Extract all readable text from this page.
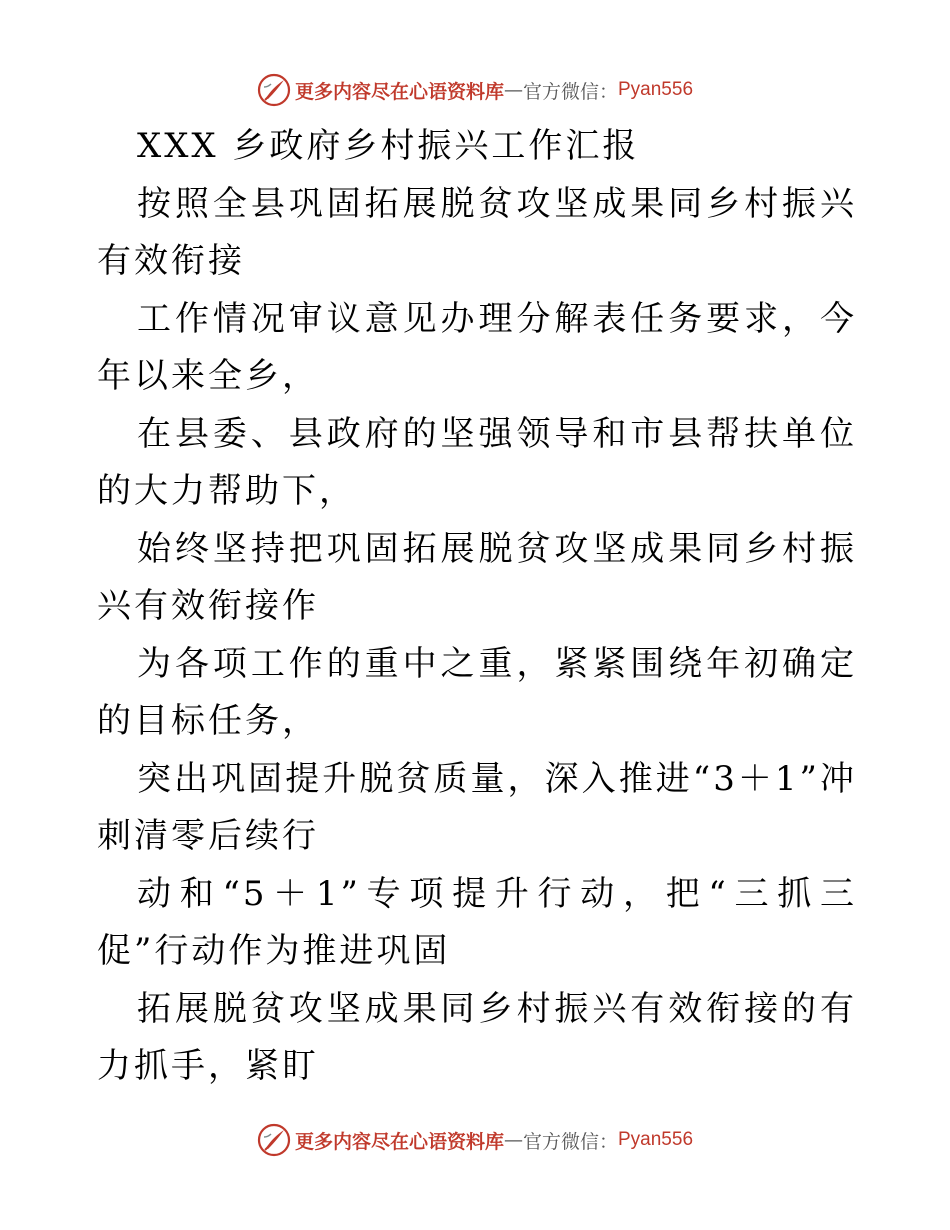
更多内容尽在心语资料库 — 官方微信： Pyan556

XXX 乡政府乡村振兴工作汇报

按照全县巩固拓展脱贫攻坚成果同乡村振兴有效衔接

工作情况审议意见办理分解表任务要求，今年以来全乡，

在县委、县政府的坚强领导和市县帮扶单位的大力帮助下，

始终坚持把巩固拓展脱贫攻坚成果同乡村振兴有效衔接作

为各项工作的重中之重，紧紧围绕年初确定的目标任务，

突出巩固提升脱贫质量，深入推进“3＋1”冲刺清零后续行

动和“5＋1”专项提升行动，把“三抓三促”行动作为推进巩固

拓展脱贫攻坚成果同乡村振兴有效衔接的有力抓手，紧盯

更多内容尽在心语资料库 — 官方微信： Pyan556
